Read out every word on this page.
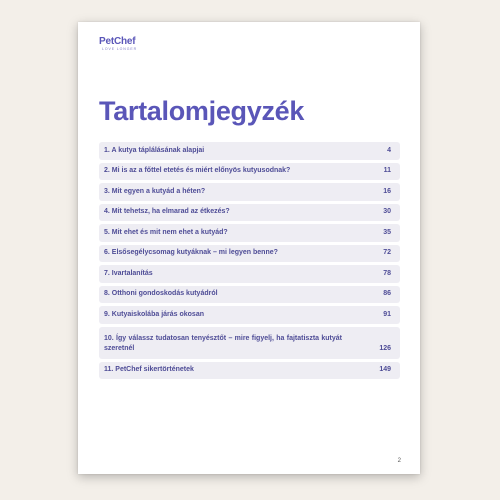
PetChef
LOVE LONGER
Tartalomjegyzék
1. A kutya táplálásának alapjai	4
2. Mi is az a főttel etetés és miért előnyös kutyusodnak?	11
3. Mit egyen a kutyád a héten?	16
4. Mit tehetsz, ha elmarad az étkezés?	30
5. Mit ehet és mit nem ehet a kutyád?	35
6. Elsősegélycsomag kutyáknak – mi legyen benne?	72
7. Ivartalanítás	78
8. Otthoni gondoskodás kutyádról	86
9. Kutyaiskolába járás okosan	91
10. Így válassz tudatosan tenyésztőt – mire figyelj, ha fajtatiszta kutyát szeretnél	126
11. PetChef sikertörténetek	149
2
